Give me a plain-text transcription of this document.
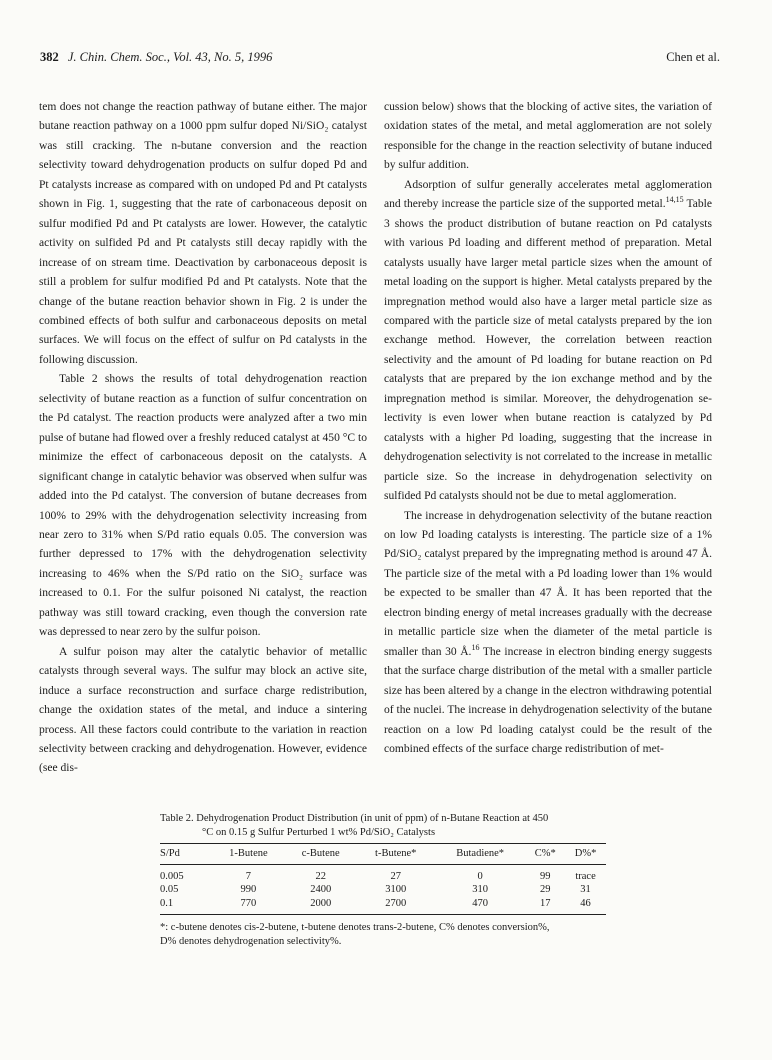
382 J. Chin. Chem. Soc., Vol. 43, No. 5, 1996	Chen et al.

tem does not change the reaction pathway of butane either. The major butane reaction pathway on a 1000 ppm sulfur doped Ni/SiO₂ catalyst was still cracking. The n-butane conversion and the reaction selectivity toward dehydrogenation products on sulfur doped Pd and Pt catalysts increase as compared with on undoped Pd and Pt catalysts shown in Fig. 1, suggesting that the rate of carbonaceous deposit on sulfur modified Pd and Pt catalysts are lower. However, the catalytic activity on sulfided Pd and Pt catalysts still decay rapidly with the increase of on stream time. Deactivation by carbonaceous deposit is still a problem for sulfur modified Pd and Pt catalysts. Note that the change of the butane reaction behavior shown in Fig. 2 is under the combined effects of both sulfur and carbonaceous deposits on metal surfaces. We will focus on the effect of sulfur on Pd catalysts in the following discussion.

Table 2 shows the results of total dehydrogenation reaction selectivity of butane reaction as a function of sulfur concentration on the Pd catalyst. The reaction products were analyzed after a two min pulse of butane had flowed over a freshly reduced catalyst at 450 °C to minimize the effect of carbonaceous deposit on the catalysts. A significant change in catalytic behavior was observed when sulfur was added into the Pd catalyst. The conversion of butane decreases from 100% to 29% with the dehydrogenation selectivity increasing from near zero to 31% when S/Pd ratio equals 0.05. The conversion was further depressed to 17% with the dehydrogenation selectivity increasing to 46% when the S/Pd ratio on the SiO₂ surface was increased to 0.1. For the sulfur poisoned Ni catalyst, the reaction pathway was still toward cracking, even though the conversion rate was depressed to near zero by the sulfur poison.

A sulfur poison may alter the catalytic behavior of metallic catalysts through several ways. The sulfur may block an active site, induce a surface reconstruction and surface charge redistribution, change the oxidation states of the metal, and induce a sintering process. All these factors could contribute to the variation in reaction selectivity between cracking and dehydrogenation. However, evidence (see dis-

cussion below) shows that the blocking of active sites, the variation of oxidation states of the metal, and metal agglomeration are not solely responsible for the change in the reaction selectivity of butane induced by sulfur addition.

Adsorption of sulfur generally accelerates metal agglomeration and thereby increase the particle size of the supported metal.$^{14,15}$ Table 3 shows the product distribution of butane reaction on Pd catalysts with various Pd loading and different method of preparation. Metal catalysts usually have larger metal particle sizes when the amount of metal loading on the support is higher. Metal catalysts prepared by the impregnation method would also have a larger metal particle size as compared with the particle size of metal catalysts prepared by the ion exchange method. However, the correlation between reaction selectivity and the amount of Pd loading for butane reaction on Pd catalysts that are prepared by the ion exchange method and by the impregnation method is similar. Moreover, the dehydrogenation selectivity is even lower when butane reaction is catalyzed by Pd catalysts with a higher Pd loading, suggesting that the increase in dehydrogenation selectivity is not correlated to the increase in metallic particle size. So the increase in dehydrogenation selectivity on sulfided Pd catalysts should not be due to metal agglomeration.

The increase in dehydrogenation selectivity of the butane reaction on low Pd loading catalysts is interesting. The particle size of a 1% Pd/SiO₂ catalyst prepared by the impregnating method is around 47 Å. The particle size of the metal with a Pd loading lower than 1% would be expected to be smaller than 47 Å. It has been reported that the electron binding energy of metal increases gradually with the decrease in metallic particle size when the diameter of the metal particle is smaller than 30 Å.$^{16}$ The increase in electron binding energy suggests that the surface charge distribution of the metal with a smaller particle size has been altered by a change in the electron withdrawing potential of the nuclei. The increase in dehydrogenation selectivity of the butane reaction on a low Pd loading catalyst could be the result of the combined effects of the surface charge redistribution of met-

Table 2. Dehydrogenation Product Distribution (in unit of ppm) of n-Butane Reaction at 450
°C on 0.15 g Sulfur Perturbed 1 wt% Pd/SiO₂ Catalysts
S/Pd	1-Butene	c-Butene	t-Butene*	Butadiene*	C%*	D%*
0.005	7	22	27	0	99	trace
0.05	990	2400	3100	310	29	31
0.1	770	2000	2700	470	17	46
*: c-butene denotes cis-2-butene, t-butene denotes trans-2-butene, C% denotes conversion%,
D% denotes dehydrogenation selectivity%.
